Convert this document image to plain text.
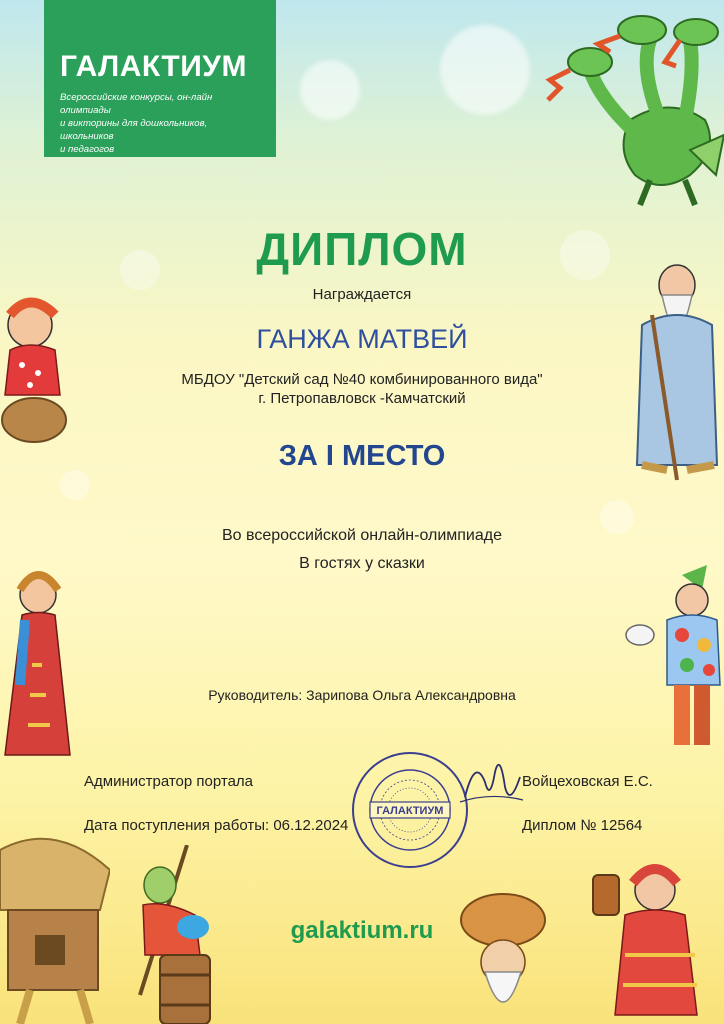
ГАЛАКТИУМ
Всероссийские конкурсы, он-лайн олимпиады
и викторины для дошкольников, школьников
и педагогов
ДИПЛОМ
Награждается
ГАНЖА МАТВЕЙ
МБДОУ "Детский сад №40 комбинированного вида"
г. Петропавловск -Камчатский
ЗА I МЕСТО
Во всероссийской онлайн-олимпиаде
В гостях у сказки
Руководитель: Зарипова Ольга Александровна
ГАЛАКТИУМ
Администратор портала	Войцеховская Е.С.
Дата поступления работы: 06.12.2024	Диплом № 12564
galaktium.ru
